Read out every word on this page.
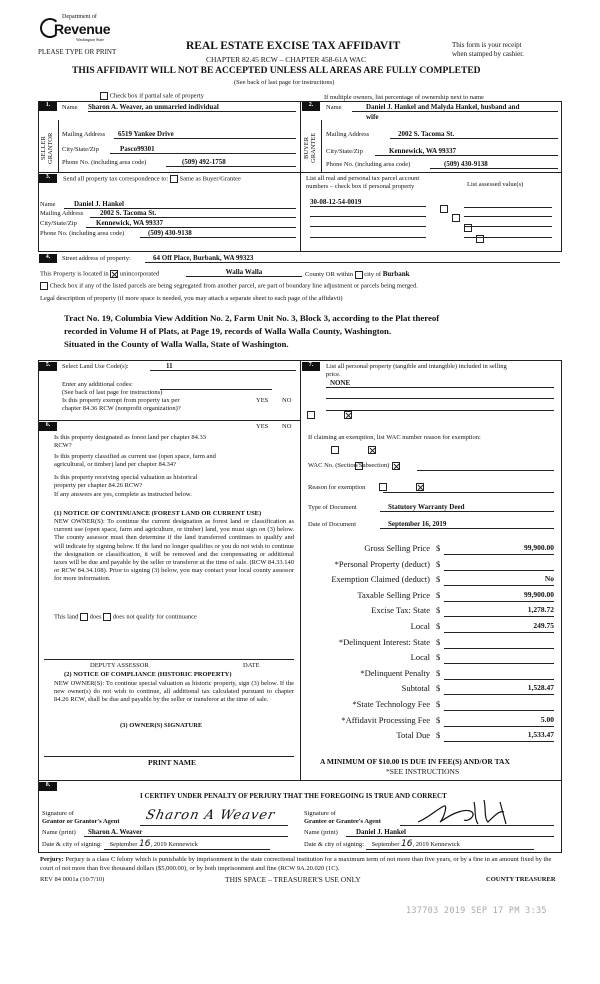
Department of
Revenue
Washington State
PLEASE TYPE OR PRINT	REAL ESTATE EXCISE TAX AFFIDAVIT
CHAPTER 82.45 RCW – CHAPTER 458-61A WAC
This form is your receipt
when stamped by cashier.
THIS AFFIDAVIT WILL NOT BE ACCEPTED UNLESS ALL AREAS ARE FULLY COMPLETED
(See back of last page for instructions)
Check box if partial sale of property	If multiple owners, list percentage of ownership next to name
1.	Name Sharon A. Weaver, an unmarried individual
SELLER GRANTOR	Mailing Address	6519 Yankee Drive
City/State/Zip	Pasco99301
Phone No. (including area code)	(509) 492-1758
2.	Name	Daniel J. Hankel and Malyda Hankel, husband and
wife
BUYER GRANTEE	Mailing Address	2002 S. Tacoma St.
City/State/Zip	Kennewick, WA 99337
Phone No. (including area code)	(509) 430-9138
3.	Send all property tax correspondence to: Same as Buyer/Grantee	List all real and personal tax parcel account
numbers – check box if personal property	List assessed value(s)
Name	Daniel J. Hankel
Mailing Address	2002 S. Tacoma St.
City/State/Zip	Kennewick, WA 99337
Phone No. (including area code)	(509) 430-9138
30-08-12-54-0019

4.	Street address of property:	64 Off Place, Burbank, WA 99323
This Property is located in unincorporated	Walla Walla	County OR within city of Burbank
Check box if any of the listed parcels are being segregated from another parcel, are part of boundary line adjustment or parcels being merged.
Legal description of property (if more space is needed, you may attach a separate sheet to each page of the affidavit)
Tract No. 19, Columbia View Addition No. 2, Farm Unit No. 3, Block 3, according to the Plat thereof
recorded in Volume H of Plats, at Page 19, records of Walla Walla County, Washington.
Situated in the County of Walla Walla, State of Washington.
5.	Select Land Use Code(s):	11
Enter any additional codes:
(See back of last page for instructions)
Is this property exempt from property tax per
chapter 84.36 RCW (nonprofit organization)?
YES NO

6.	YES NO
Is this property designated as forest land per chapter 84.33
RCW?

Is this property classified as current use (open space, farm and
agricultural, or timber) land per chapter 84.34?

Is this property receiving special valuation as historical
property per chapter 84.26 RCW?

If any answers are yes, complete as instructed below.
(1) NOTICE OF CONTINUANCE (FOREST LAND OR CURRENT USE)
NEW OWNER(S): To continue the current designation as forest land or classification as current use (open space, farm and agriculture, or timber) land, you must sign on (3) below. The county assessor must then determine if the land transferred continues to qualify and will indicate by signing below. If the land no longer qualifies or you do not wish to continue the designation or classification, it will be removed and the compensating or additional taxes will be due and payable by the seller or transferor at the time of sale. (RCW 84.33.140 or RCW 84.34.108). Prior to signing (3) below, you may contact your local county assessor for more information.
This land does does not qualify for continuance
DEPUTY ASSESSOR	DATE
(2) NOTICE OF COMPLIANCE (HISTORIC PROPERTY)
NEW OWNER(S): To continue special valuation as historic property, sign (3) below. If the new owner(s) do not wish to continue, all additional tax calculated pursuant to chapter 84.26 RCW, shall be due and payable by the seller or transferor at the time of sale.
(3) OWNER(S) SIGNATURE
PRINT NAME
7.	List all personal property (tangible and intangible) included in selling
price.
NONE
If claiming an exemption, list WAC number reason for exemption:
WAC No. (Section/Subsection)
Reason for exemption
Type of Document	Statutory Warranty Deed
Date of Document	September 16, 2019
Gross Selling Price $	99,900.00
*Personal Property (deduct) $
Exemption Claimed (deduct) $	No
Taxable Selling Price $	99,900.00
Excise Tax: State $	1,278.72
Local $	249.75
*Delinquent Interest: State $
Local $
*Delinquent Penalty $
Subtotal $	1,528.47
*State Technology Fee $
*Affidavit Processing Fee $	5.00
Total Due $	1,533.47
A MINIMUM OF $10.00 IS DUE IN FEE(S) AND/OR TAX
*SEE INSTRUCTIONS
8.
I CERTIFY UNDER PENALTY OF PERJURY THAT THE FOREGOING IS TRUE AND CORRECT
Signature of
Grantor or Grantor's Agent Sharon A Weaver
Name (print)	Sharon A. Weaver
Date & city of signing: September 16, 2019 Kennewick
Signature of
Grantee or Grantee's Agent
Name (print)	Daniel J. Hankel
Date & city of signing: September 16, 2019 Kennewick
Perjury: Perjury is a class C felony which is punishable by imprisonment in the state correctional institution for a maximum term of not more than five years, or by a fine in an amount fixed by the court of not more than five thousand dollars ($5,000.00), or by both imprisonment and fine (RCW 9A.20.020 (1C).
REV 84 0001a (10/7/10)	THIS SPACE – TREASURER'S USE ONLY	COUNTY TREASURER
137703 2019 SEP 17 PM 3:35
